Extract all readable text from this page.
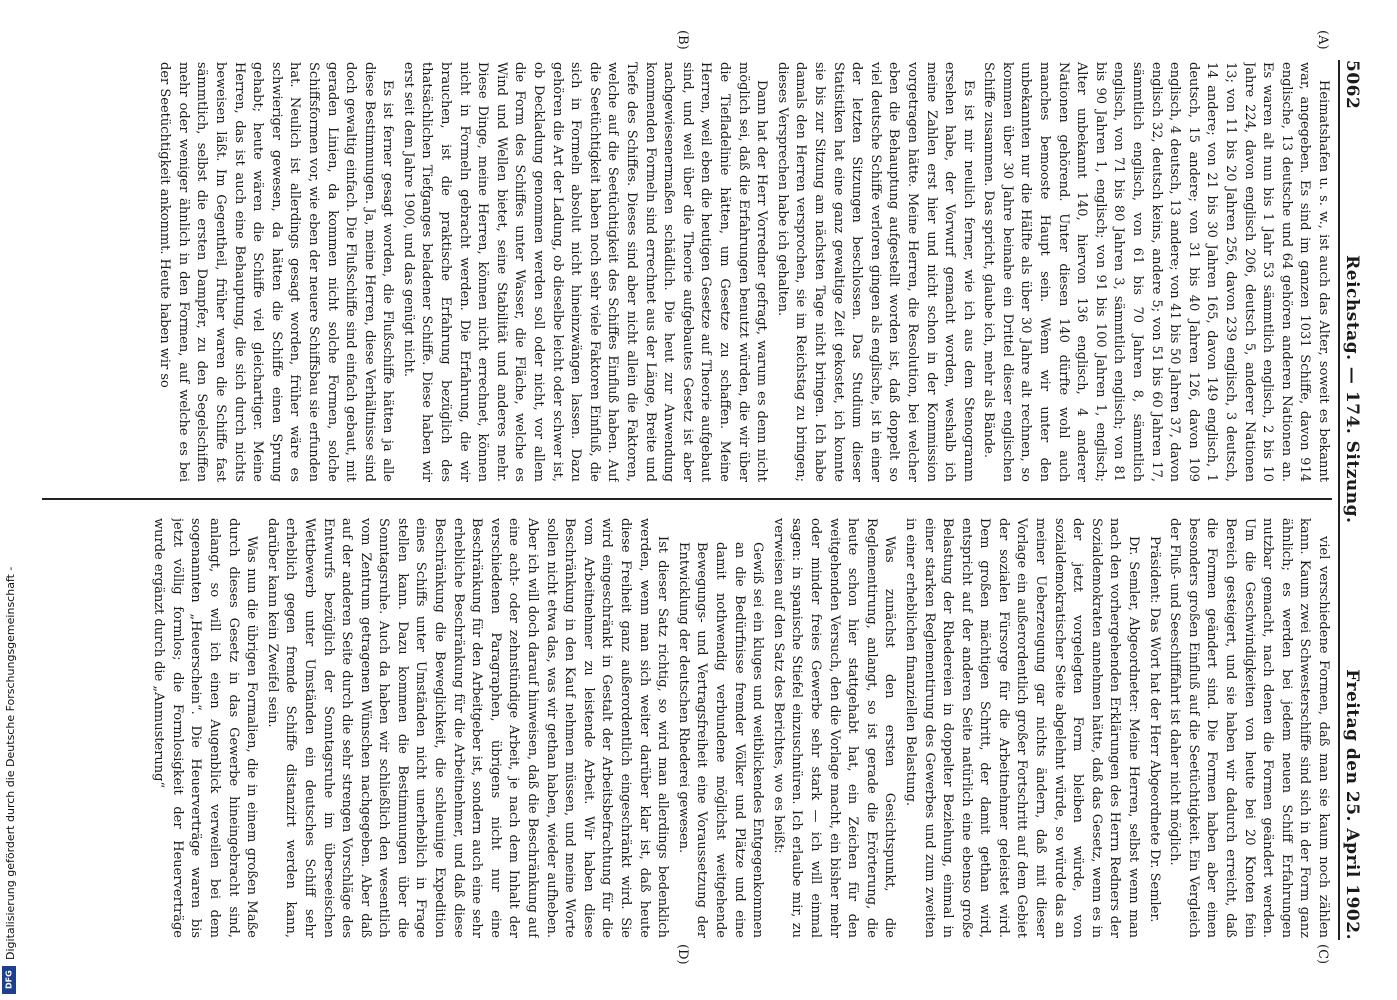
Digitalisierung gefördert durch die Deutsche Forschungsgemeinschaft -
DFG
5062
Reichstag. — 174. Sitzung.
Freitag den 25. April 1902.
(A)
(B)
(C)
(D)

Heimatshafen u. s. w., ist auch das Alter, soweit es bekannt war, angegeben. Es sind im ganzen 1031 Schiffe, davon 914 englische, 13 deutsche und 64 gehören anderen Nationen an. Es waren alt nun bis 1 Jahr 53 sämmtlich englisch, 2 bis 10 Jahre 224, davon englisch 206, deutsch 5, anderer Nationen 13; von 11 bis 20 Jahren 256, davon 239 englisch, 3 deutsch, 14 andere; von 21 bis 30 Jahren 165, davon 149 englisch, 1 deutsch, 15 andere; von 31 bis 40 Jahren 126, davon 109 englisch, 4 deutsch, 13 andere; von 41 bis 50 Jahren 37, davon englisch 32, deutsch keins, andere 5; von 51 bis 60 Jahren 17, sämmtlich englisch, von 61 bis 70 Jahren 8, sämmtlich englisch, von 71 bis 80 Jahren 3, sämmtlich englisch; von 81 bis 90 Jahren 1, englisch; von 91 bis 100 Jahren 1, englisch; Alter unbekannt 140, hiervon 136 englisch, 4 anderer Nationen gehörend. Unter diesen 140 dürfte wohl auch manches bemooste Haupt sein. Wenn wir unter den unbekannten nur die Hälfte als über 30 Jahre alt rechnen, so kommen über 30 Jahre beinahe ein Drittel dieser englischen Schiffe zusammen. Das spricht, glaube ich, mehr als Bände.

Es ist mir neulich ferner, wie ich aus dem Stenogramm ersehen habe, der Vorwurf gemacht worden, weshalb ich meine Zahlen erst hier und nicht schon in der Kommission vorgetragen hätte. Meine Herren, die Resolution, bei welcher eben die Behauptung aufgestellt worden ist, daß doppelt so viel deutsche Schiffe verloren gingen als englische, ist in einer der letzten Sitzungen beschlossen. Das Studium dieser Statistiken hat eine ganz gewaltige Zeit gekostet, ich konnte sie bis zur Sitzung am nächsten Tage nicht bringen. Ich habe damals den Herren versprochen, sie im Reichstag zu bringen; dieses Versprechen habe ich gehalten.

Dann hat der Herr Vorredner gefragt, warum es denn nicht möglich sei, daß die Erfahrungen benutzt würden, die wir über die Tiefladelinie hätten, um Gesetze zu schaffen. Meine Herren, weil eben die heutigen Gesetze auf Theorie aufgebaut sind, und weil über die Theorie aufgebautes Gesetz ist aber nachgewiesenermaßen schädlich. Die heut zur Anwendung kommenden Formeln sind errechnet aus der Länge, Breite und Tiefe des Schiffes. Dieses sind aber nicht allein die Faktoren, welche auf die Seetüchtigkeit des Schiffes Einfluß haben. Auf die Seetüchtigkeit haben noch sehr viele Faktoren Einfluß, die sich in Formeln absolut nicht hineinzwängen lassen. Dazu gehören die Art der Ladung, ob dieselbe leicht oder schwer ist, ob Deckladung genommen werden soll oder nicht, vor allem die Form des Schiffes unter Wasser, die Fläche, welche es Wind und Wellen bietet, seine Stabilität und anderes mehr. Diese Dinge, meine Herren, können nicht errechnet, können nicht in Formeln gebracht werden. Die Erfahrung, die wir brauchen, ist die praktische Erfahrung bezüglich des thatsächlichen Tiefganges beladener Schiffe. Diese haben wir erst seit dem Jahre 1900, und das genügt nicht.

Es ist ferner gesagt worden, die Flußschiffe hätten ja alle diese Bestimmungen. Ja, meine Herren, diese Verhältnisse sind doch gewaltig einfach. Die Flußschiffe sind einfach gebaut, mit geraden Linien, da kommen nicht solche Formen, solche Schiffsformen vor, wie eben der neuere Schiffsbau sie erfunden hat. Neulich ist allerdings gesagt worden, früher wäre es schwieriger gewesen, da hätten die Schiffe einen Sprung gehabt; heute wären die Schiffe viel gleichartiger. Meine Herren, das ist auch eine Behauptung, die sich durch nichts beweisen läßt. Im Gegentheil, früher waren die Schiffe fast sämmtlich, selbst die ersten Dampfer, zu den Segelschiffen mehr oder weniger ähnlich in den Formen, auf welche es bei der Seetüchtigkeit ankommt. Heute haben wir so

viel verschiedene Formen, daß man sie kaum noch zählen kann. Kaum zwei Schwesterschiffe sind sich in der Form ganz ähnlich; es werden bei jedem neuen Schiff Erfahrungen nutzbar gemacht, nach denen die Formen geändert werden. Um die Geschwindigkeiten von heute bei 20 Knoten fein Bereich gesteigert, und sie haben wir dadurch erreicht, daß die Formen geändert sind. Die Formen haben aber einen besonders großen Einfluß auf die Seetüchtigkeit. Ein Vergleich der Fluß- und Seeschifffahrt ist daher nicht möglich.

Präsident: Das Wort hat der Herr Abgeordnete Dr. Semler.

Dr. Semler, Abgeordneter: Meine Herren, selbst wenn man nach den vorhergehenden Erklärungen des Herrn Redners der Sozialdemokraten annehmen hätte, daß das Gesetz, wenn es in der jetzt vorgelegten Form bleiben würde, von sozialdemokratischer Seite abgelehnt würde, so würde das an meiner Ueberzeugung gar nichts ändern, daß mit dieser Vorlage ein außerordentlich großer Fortschritt auf dem Gebiet der sozialen Fürsorge für die Arbeitnehmer geleistet wird. Dem großen mächtigen Schritt, der damit gethan wird, entspricht auf der anderen Seite natürlich eine ebenso große Belastung der Rhedereien in doppelter Beziehung, einmal in einer starken Reglementirung des Gewerbes und zum zweiten in einer erheblichen finanziellen Belastung.

Was zunächst den ersten Gesichtspunkt, die Reglementirung, anlangt, so ist gerade die Erörterung, die heute schon hier stattgehabt hat, ein Zeichen für den weitgehenden Versuch, den die Vorlage macht, ein bisher mehr oder minder freies Gewerbe sehr stark — ich will einmal sagen: in spanische Stiefel einzuschnüren. Ich erlaube mir, zu verweisen auf den Satz des Berichtes, wo es heißt:

Gewiß sei ein kluges und weitblickendes Entgegenkommen an die Bedürfnisse fremder Völker und Plätze und eine damit nothwendig verbundene möglichst weitgehende Bewegungs- und Vertragsfreiheit eine Voraussetzung der Entwicklung der deutschen Rhederei gewesen.

Ist dieser Satz richtig, so wird man allerdings bedenklich werden, wenn man sich weiter darüber klar ist, daß heute diese Freiheit ganz außerordentlich eingeschränkt wird. Sie wird eingeschränkt in Gestalt der Arbeitsbefrachtung für die vom Arbeitnehmer zu leistende Arbeit. Wir haben diese Beschränkung in den Kauf nehmen müssen, und meine Worte sollen nicht etwa das, was wir gethan haben, wieder aufheben. Aber ich will doch darauf hinweisen, daß die Beschränkung auf eine acht- oder zehnstündige Arbeit, je nach dem Inhalt der verschiedenen Paragraphen, übrigens nicht nur eine Beschränkung für den Arbeitgeber ist, sondern auch eine sehr erhebliche Beschränkung für die Arbeitnehmer, und daß diese Beschränkung die Beweglichkeit, die schleunige Expedition eines Schiffs unter Umständen nicht unerheblich in Frage stellen kann. Dazu kommen die Bestimmungen über die Sonntagsruhe. Auch da haben wir schließlich den wesentlich vom Zentrum getragenen Wünschen nachgegeben. Aber daß auf der anderen Seite durch die sehr strengen Vorschläge des Entwurfs bezüglich der Sonntagsruhe im überseeischen Wettbewerb unter Umständen ein deutsches Schiff sehr erheblich gegen fremde Schiffe distanzirt werden kann, darüber kann kein Zweifel sein.

Was nun die übrigen Formalien, die in einem großen Maße durch dieses Gesetz in das Gewerbe hineingebracht sind, anlangt, so will ich einen Augenblick verweilen bei dem sogenannten „Heuerschein“. Die Heuerverträge waren bis jetzt völlig formlos; die Formlosigkeit der Heuerverträge wurde ergänzt durch die „Anmusterung“
